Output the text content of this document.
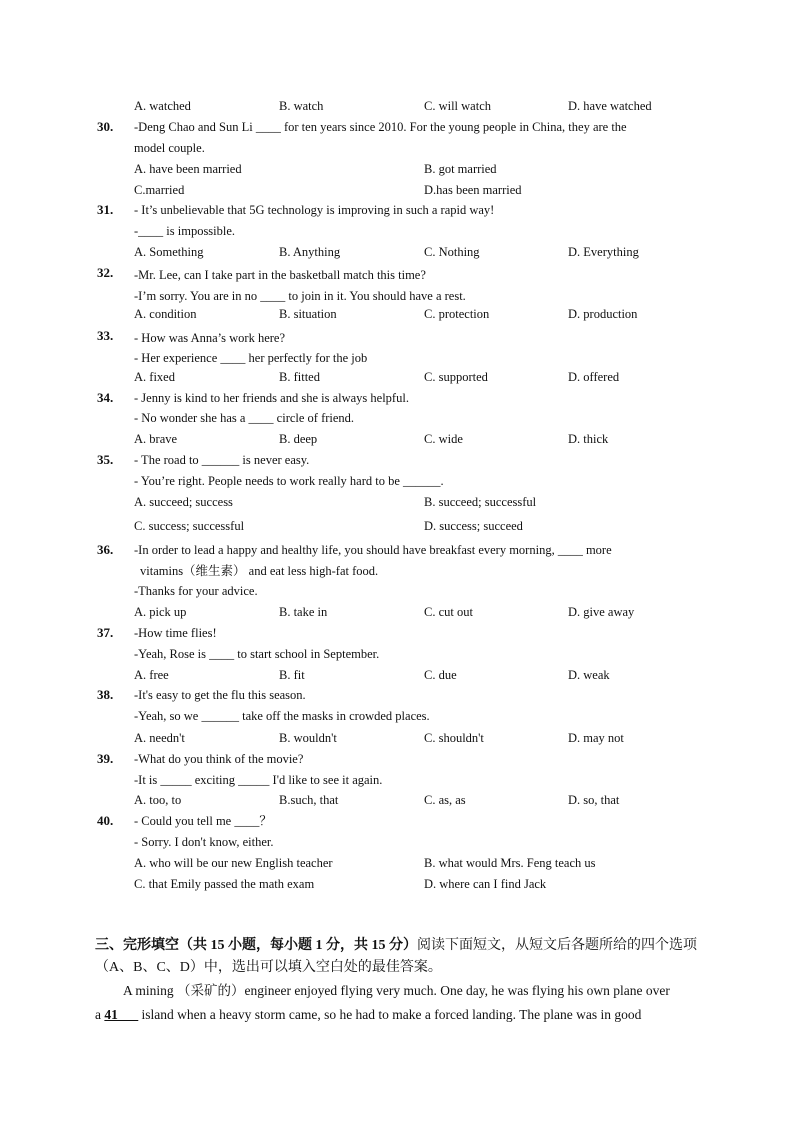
A. watched	B. watch	C. will watch	D. have watched
30. -Deng Chao and Sun Li ____ for ten years since 2010. For the young people in China, they are the
model couple.
A. have been married	B. got married
C.married	D.has been married
31. - It’s unbelievable that 5G technology is improving in such a rapid way!
-____ is impossible.
A. Something	B. Anything	C. Nothing	D. Everything
32. -Mr. Lee, can I take part in the basketball match this time?
-I’m sorry. You are in no ____ to join in it. You should have a rest.
A. condition	B. situation	C. protection	D. production
33. - How was Anna’s work here?
- Her experience ____ her perfectly for the job
A. fixed	B. fitted	C. supported	D. offered
34. - Jenny is kind to her friends and she is always helpful.
- No wonder she has a ____ circle of friend.
A. brave	B. deep	C. wide	D. thick
35. - The road to ______ is never easy.
- You’re right. People needs to work really hard to be ______.
A. succeed; success	B. succeed; successful
C. success; successful	D. success; succeed
36. -In order to lead a happy and healthy life, you should have breakfast every morning, ____ more
vitamins（维生素） and eat less high-fat food.
-Thanks for your advice.
A. pick up	B. take in	C. cut out	D. give away
37. -How time flies!
-Yeah, Rose is ____ to start school in September.
A. free	B. fit	C. due	D. weak
38. -It's easy to get the flu this season.
-Yeah, so we ______ take off the masks in crowded places.
A. needn't	B. wouldn't	C. shouldn't	D. may not
39. -What do you think of the movie?
-It is _____ exciting _____ I'd like to see it again.
A. too, to	B.such, that	C. as, as	D. so, that
40. - Could you tell me ____？
- Sorry. I don't know, either.
A. who will be our new English teacher	B. what would Mrs. Feng teach us
C. that Emily passed the math exam	D. where can I find Jack
三、完形填空（共 15 小题，每小题 1 分，共 15 分）阅读下面短文，从短文后各题所给的四个选项
（A、B、C、D）中，选出可以填入空白处的最佳答案。
A mining （采矿的）engineer enjoyed flying very much. One day, he was flying his own plane over
a 41___ island when a heavy storm came, so he had to make a forced landing. The plane was in good
